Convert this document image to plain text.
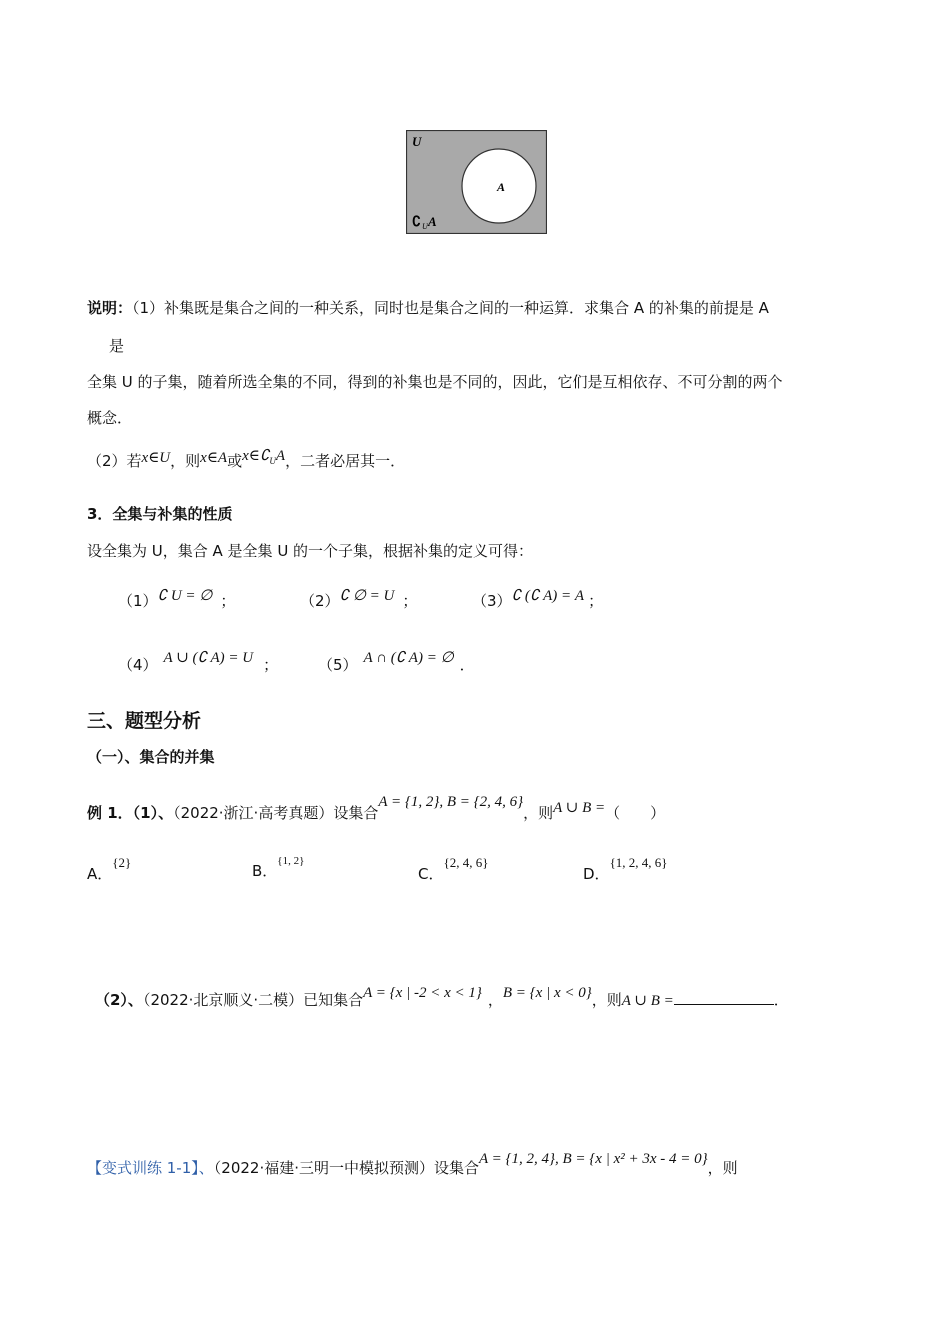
U
A
∁ U A
说明：（1）补集既是集合之间的一种关系，同时也是集合之间的一种运算．求集合 A 的补集的前提是 A
是
全集 U 的子集，随着所选全集的不同，得到的补集也是不同的，因此，它们是互相依存、不可分割的两个
概念．
（2）若x∈U，则x∈A或$x\in∁_UA$，二者必居其一．
3．全集与补集的性质
设全集为 U，集合 A 是全集 U 的一个子集，根据补集的定义可得：
（1）∁ U = ∅ ；	（2）∁ ∅ = U ；	（3）∁ (∁ A) = A ；
（4） A ∪ (∁ A) = U ；	（5） A ∩ (∁ A) = ∅ ．
三、题型分析
（一）、集合的并集
例 1．（1）、（2022·浙江·高考真题）设集合A = {1, 2}, B = {2, 4, 6}，则A ∪ B =（　　）
A．{2}	B．$^{\{1, 2\}}$
C．{2, 4, 6}
D．{1, 2, 4, 6}
（2）、（2022·北京顺义·二模）已知集合A = {x | -2 < x < 1} ，B = {x | x < 0}，则A ∪ B =	．
【变式训练 1-1】、（2022·福建·三明一中模拟预测）设集合A = {1, 2, 4}, B = {x | x² + 3x - 4 = 0}，则
